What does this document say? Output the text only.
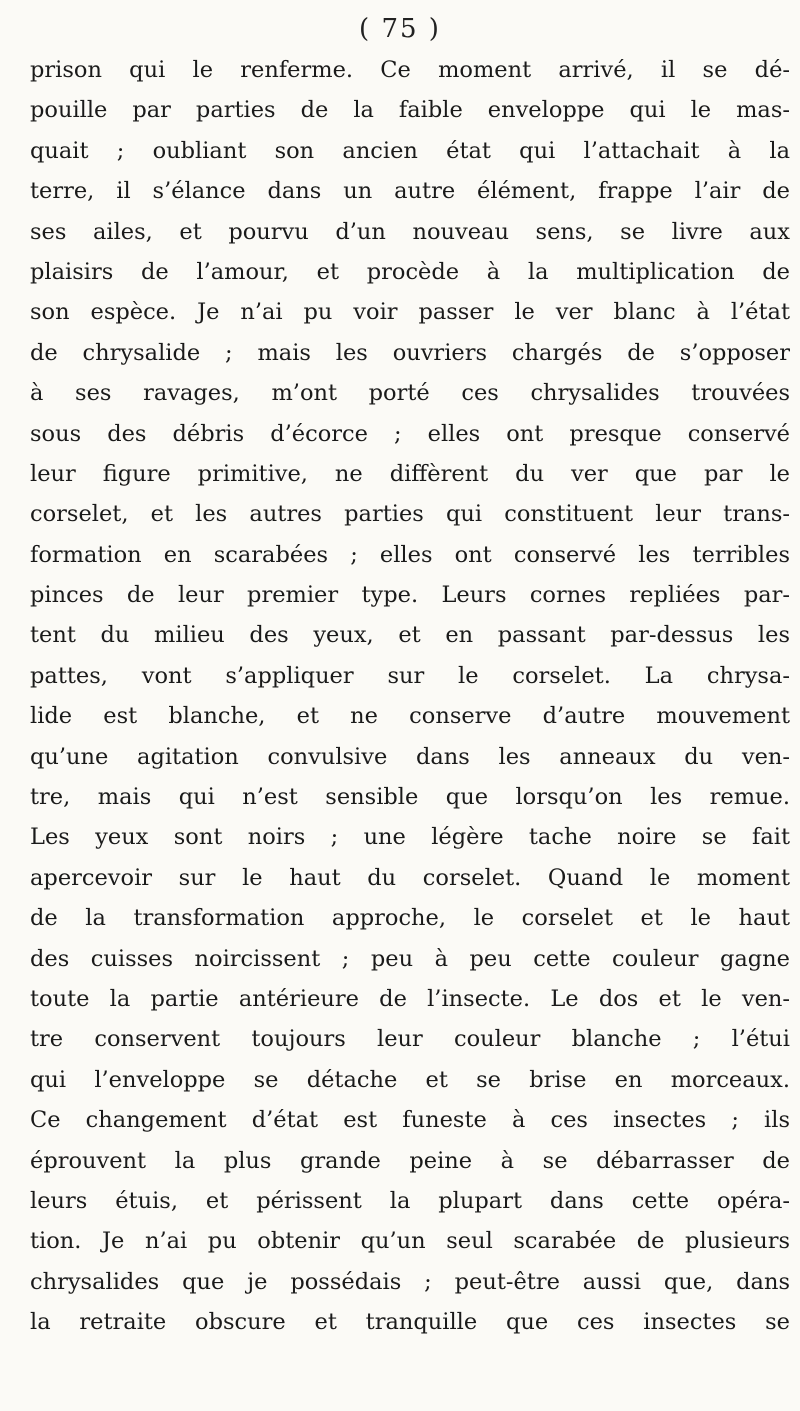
( 75 )
prison qui le renferme. Ce moment arrivé, il se dé-
pouille par parties de la faible enveloppe qui le mas-
quait ; oubliant son ancien état qui l’attachait à la
terre, il s’élance dans un autre élément, frappe l’air de
ses ailes, et pourvu d’un nouveau sens, se livre aux
plaisirs de l’amour, et procède à la multiplication de
son espèce. Je n’ai pu voir passer le ver blanc à l’état
de chrysalide ; mais les ouvriers chargés de s’opposer
à ses ravages, m’ont porté ces chrysalides trouvées
sous des débris d’écorce ; elles ont presque conservé
leur figure primitive, ne diffèrent du ver que par le
corselet, et les autres parties qui constituent leur trans-
formation en scarabées ; elles ont conservé les terribles
pinces de leur premier type. Leurs cornes repliées par-
tent du milieu des yeux, et en passant par-dessus les
pattes, vont s’appliquer sur le corselet. La chrysa-
lide est blanche, et ne conserve d’autre mouvement
qu’une agitation convulsive dans les anneaux du ven-
tre, mais qui n’est sensible que lorsqu’on les remue.
Les yeux sont noirs ; une légère tache noire se fait
apercevoir sur le haut du corselet. Quand le moment
de la transformation approche, le corselet et le haut
des cuisses noircissent ; peu à peu cette couleur gagne
toute la partie antérieure de l’insecte. Le dos et le ven-
tre conservent toujours leur couleur blanche ; l’étui
qui l’enveloppe se détache et se brise en morceaux.
Ce changement d’état est funeste à ces insectes ; ils
éprouvent la plus grande peine à se débarrasser de
leurs étuis, et périssent la plupart dans cette opéra-
tion. Je n’ai pu obtenir qu’un seul scarabée de plusieurs
chrysalides que je possédais ; peut-être aussi que, dans
la retraite obscure et tranquille que ces insectes se
